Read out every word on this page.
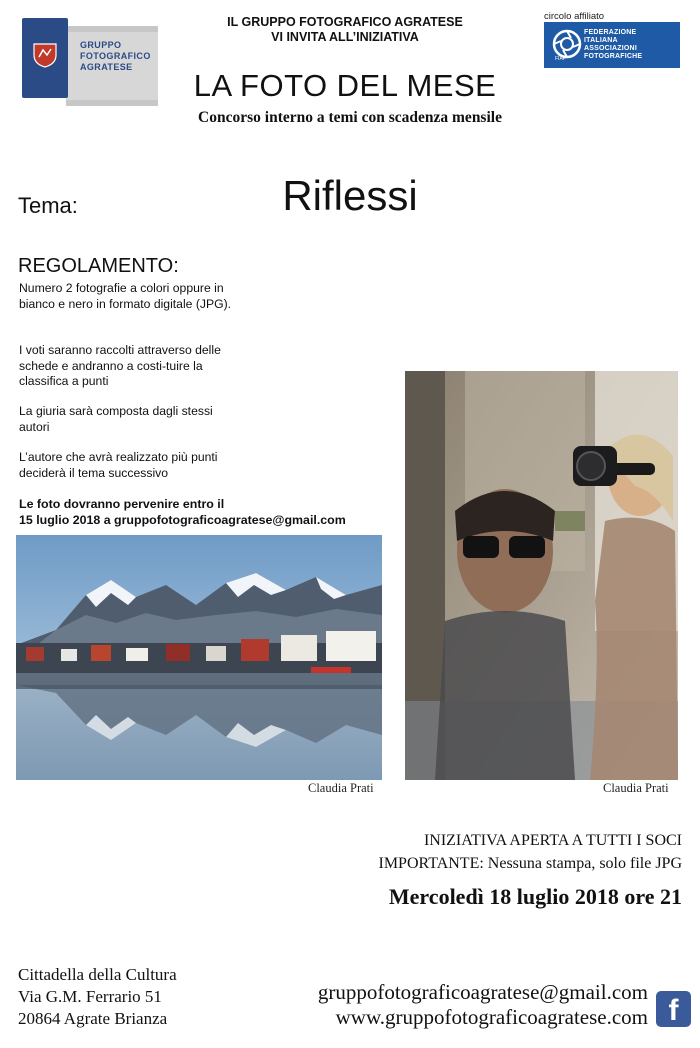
GRUPPO
FOTOGRAFICO
AGRATESE
IL GRUPPO FOTOGRAFICO AGRATESE
VI INVITA ALL’INIZIATIVA
LA FOTO DEL MESE
Concorso interno a temi con scadenza mensile
circolo affiliato
FIAF
FEDERAZIONE
ITALIANA
ASSOCIAZIONI
FOTOGRAFICHE
Tema:	Riflessi
REGOLAMENTO:
Numero 2 fotografie a colori oppure in bianco e nero in formato digitale (JPG).
I voti saranno raccolti attraverso delle schede e andranno a costi-tuire la classifica a punti
La giuria sarà composta dagli stessi autori
L’autore che avrà realizzato più punti deciderà il tema successivo
Le foto dovranno pervenire entro il
15 luglio 2018 a gruppofotograficoagratese@gmail.com
Claudia Prati	Claudia Prati
INIZIATIVA APERTA A TUTTI I SOCI
IMPORTANTE: Nessuna stampa, solo file JPG
Mercoledì 18 luglio 2018 ore 21
Cittadella della Cultura
Via G.M. Ferrario 51
20864 Agrate Brianza
gruppofotograficoagratese@gmail.com
www.gruppofotograficoagratese.com f
